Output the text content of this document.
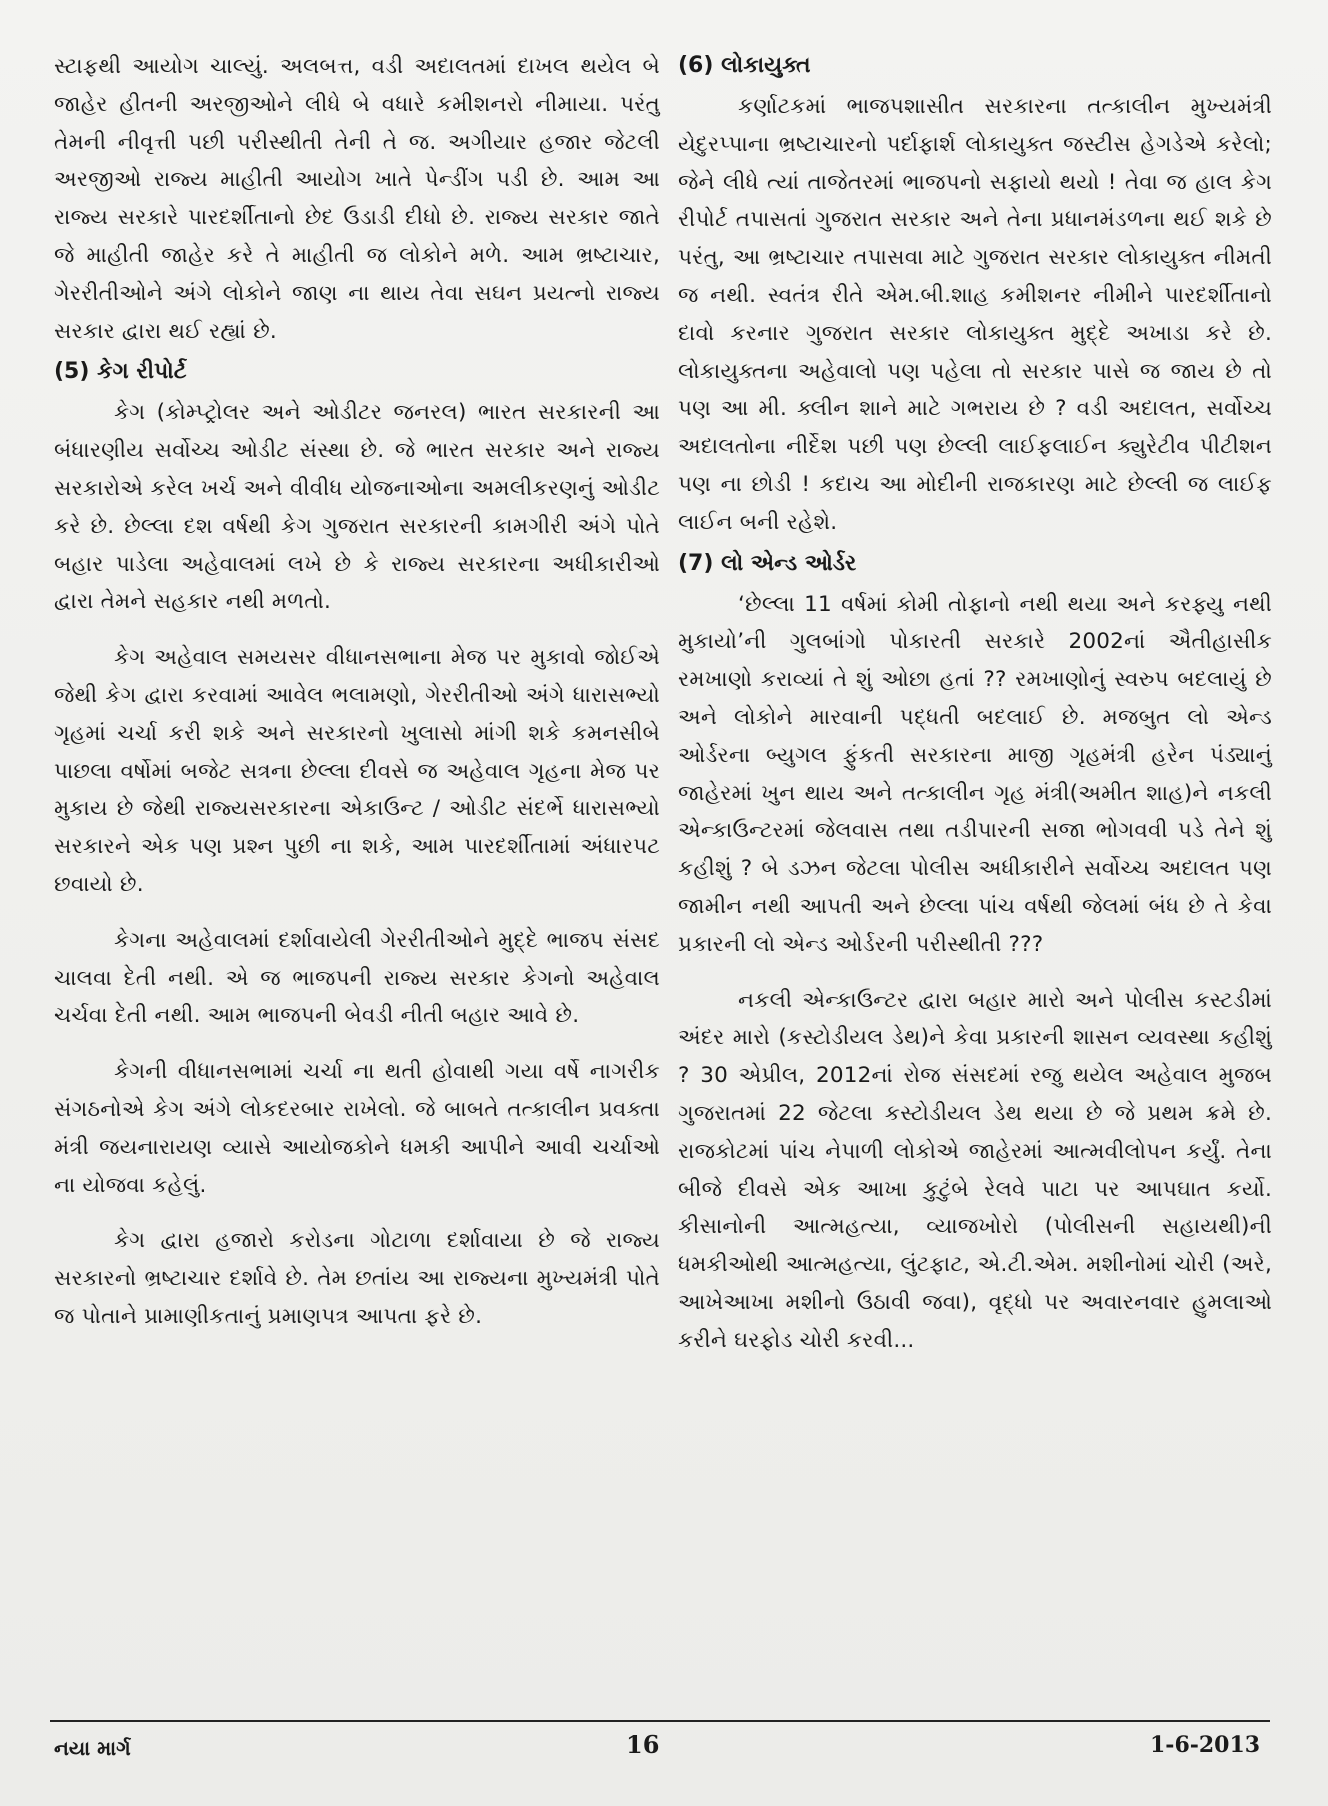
સ્ટાફથી આયોગ ચાલ્યું. અલબત્ત, વડી અદાલતમાં દાખલ થયેલ બે જાહેર હીતની અરજીઓને લીધે બે વધારે કમીશનરો નીમાયા. પરંતુ તેમની નીવૃત્તી પછી પરીસ્થીતી તેની તે જ. અગીયાર હજાર જેટલી અરજીઓ રાજ્ય માહીતી આયોગ ખાતે પેન્ડીંગ પડી છે. આમ આ રાજ્ય સરકારે પારદર્શીતાનો છેદ ઉડાડી દીધો છે. રાજ્ય સરકાર જાતે જે માહીતી જાહેર કરે તે માહીતી જ લોકોને મળે. આમ ભ્રષ્ટાચાર, ગેરરીતીઓને અંગે લોકોને જાણ ના થાય તેવા સઘન પ્રયત્નો રાજ્ય સરકાર દ્વારા થઈ રહ્યાં છે.

(5) કેગ રીપોર્ટ

કેગ (કોમ્પ્ટ્રોલર અને ઓડીટર જનરલ) ભારત સરકારની આ બંધારણીય સર્વોચ્ચ ઓડીટ સંસ્થા છે. જે ભારત સરકાર અને રાજ્ય સરકારોએ કરેલ ખર્ચ અને વીવીધ યોજનાઓના અમલીકરણનું ઓડીટ કરે છે. છેલ્લા દશ વર્ષથી કેગ ગુજરાત સરકારની કામગીરી અંગે પોતે બહાર પાડેલા અહેવાલમાં લખે છે કે રાજ્ય સરકારના અધીકારીઓ દ્વારા તેમને સહકાર નથી મળતો.

કેગ અહેવાલ સમયસર વીધાનસભાના મેજ પર મુકાવો જોઈએ જેથી કેગ દ્વારા કરવામાં આવેલ ભલામણો, ગેરરીતીઓ અંગે ધારાસભ્યો ગૃહમાં ચર્ચા કરી શકે અને સરકારનો ખુલાસો માંગી શકે કમનસીબે પાછલા વર્ષોમાં બજેટ સત્રના છેલ્લા દીવસે જ અહેવાલ ગૃહના મેજ પર મુકાય છે જેથી રાજ્યસરકારના એકાઉન્ટ / ઓડીટ સંદર્ભે ધારાસભ્યો સરકારને એક પણ પ્રશ્ન પુછી ના શકે, આમ પારદર્શીતામાં અંધારપટ છવાયો છે.

કેગના અહેવાલમાં દર્શાવાયેલી ગેરરીતીઓને મુદ્દે ભાજપ સંસદ ચાલવા દેતી નથી. એ જ ભાજપની રાજ્ય સરકાર કેગનો અહેવાલ ચર્ચવા દેતી નથી. આમ ભાજપની બેવડી નીતી બહાર આવે છે.

કેગની વીધાનસભામાં ચર્ચા ના થતી હોવાથી ગયા વર્ષે નાગરીક સંગઠનોએ કેગ અંગે લોકદરબાર રાખેલો. જે બાબતે તત્કાલીન પ્રવક્તા મંત્રી જયનારાયણ વ્યાસે આયોજકોને ધમકી આપીને આવી ચર્ચાઓ ના યોજવા કહેલું.

કેગ દ્વારા હજારો કરોડના ગોટાળા દર્શાવાયા છે જે રાજ્ય સરકારનો ભ્રષ્ટાચાર દર્શાવે છે. તેમ છતાંય આ રાજ્યના મુખ્યમંત્રી પોતે જ પોતાને પ્રામાણીકતાનું પ્રમાણપત્ર આપતા ફરે છે.

(6) લોકાયુક્ત

કર્ણાટકમાં ભાજપશાસીત સરકારના તત્કાલીન મુખ્યમંત્રી યેદુરપ્પાના ભ્રષ્ટાચારનો પર્દાફાર્શ લોકાયુક્ત જસ્ટીસ હેગડેએ કરેલો; જેને લીધે ત્યાં તાજેતરમાં ભાજપનો સફાયો થયો ! તેવા જ હાલ કેગ રીપોર્ટ તપાસતાં ગુજરાત સરકાર અને તેના પ્રધાનમંડળના થઈ શકે છે પરંતુ, આ ભ્રષ્ટાચાર તપાસવા માટે ગુજરાત સરકાર લોકાયુક્ત નીમતી જ નથી. સ્વતંત્ર રીતે એમ.બી.શાહ કમીશનર નીમીને પારદર્શીતાનો દાવો કરનાર ગુજરાત સરકાર લોકાયુક્ત મુદ્દે અખાડા કરે છે. લોકાયુક્તના અહેવાલો પણ પહેલા તો સરકાર પાસે જ જાય છે તો પણ આ મી. ક્લીન શાને માટે ગભરાય છે ? વડી અદાલત, સર્વોચ્ચ અદાલતોના નીર્દેશ પછી પણ છેલ્લી લાઈફલાઈન ક્યુરેટીવ પીટીશન પણ ના છોડી ! કદાચ આ મોદીની રાજકારણ માટે છેલ્લી જ લાઈફ લાઈન બની રહેશે.

(7) લો એન્ડ ઓર્ડર

‘છેલ્લા 11 વર્ષમાં કોમી તોફાનો નથી થયા અને કરફ્યુ નથી મુકાયો’ની ગુલબાંગો પોકારતી સરકારે 2002નાં ઐતીહાસીક રમખાણો કરાવ્યાં તે શું ઓછા હતાં ?? રમખાણોનું સ્વરુપ બદલાયું છે અને લોકોને મારવાની પદ્ધતી બદલાઈ છે. મજબુત લો એન્ડ ઓર્ડરના બ્યુગલ ફુંકતી સરકારના માજી ગૃહમંત્રી હરેન પંડ્યાનું જાહેરમાં ખુન થાય અને તત્કાલીન ગૃહ મંત્રી(અમીત શાહ)ને નકલી એન્કાઉન્ટરમાં જેલવાસ તથા તડીપારની સજા ભોગવવી પડે તેને શું કહીશું ? બે ડઝન જેટલા પોલીસ અધીકારીને સર્વોચ્ચ અદાલત પણ જામીન નથી આપતી અને છેલ્લા પાંચ વર્ષથી જેલમાં બંધ છે તે કેવા પ્રકારની લો એન્ડ ઓર્ડરની પરીસ્થીતી ???

નકલી એન્કાઉન્ટર દ્વારા બહાર મારો અને પોલીસ કસ્ટડીમાં અંદર મારો (કસ્ટોડીયલ ડેથ)ને કેવા પ્રકારની શાસન વ્યવસ્થા કહીશું ? 30 એપ્રીલ, 2012નાં રોજ સંસદમાં રજુ થયેલ અહેવાલ મુજબ ગુજરાતમાં 22 જેટલા કસ્ટોડીયલ ડેથ થયા છે જે પ્રથમ ક્રમે છે. રાજકોટમાં પાંચ નેપાળી લોકોએ જાહેરમાં આત્મવીલોપન કર્યું. તેના બીજે દીવસે એક આખા કુટુંબે રેલવે પાટા પર આપઘાત કર્યો. કીસાનોની આત્મહત્યા, વ્યાજખોરો (પોલીસની સહાયથી)ની ધમકીઓથી આત્મહત્યા, લુંટફાટ, એ.ટી.એમ. મશીનોમાં ચોરી (અરે, આખેઆખા મશીનો ઉઠાવી જવા), વૃદ્ધો પર અવારનવાર હુમલાઓ કરીને ઘરફોડ ચોરી કરવી...

નયા માર્ગ	16	1-6-2013
